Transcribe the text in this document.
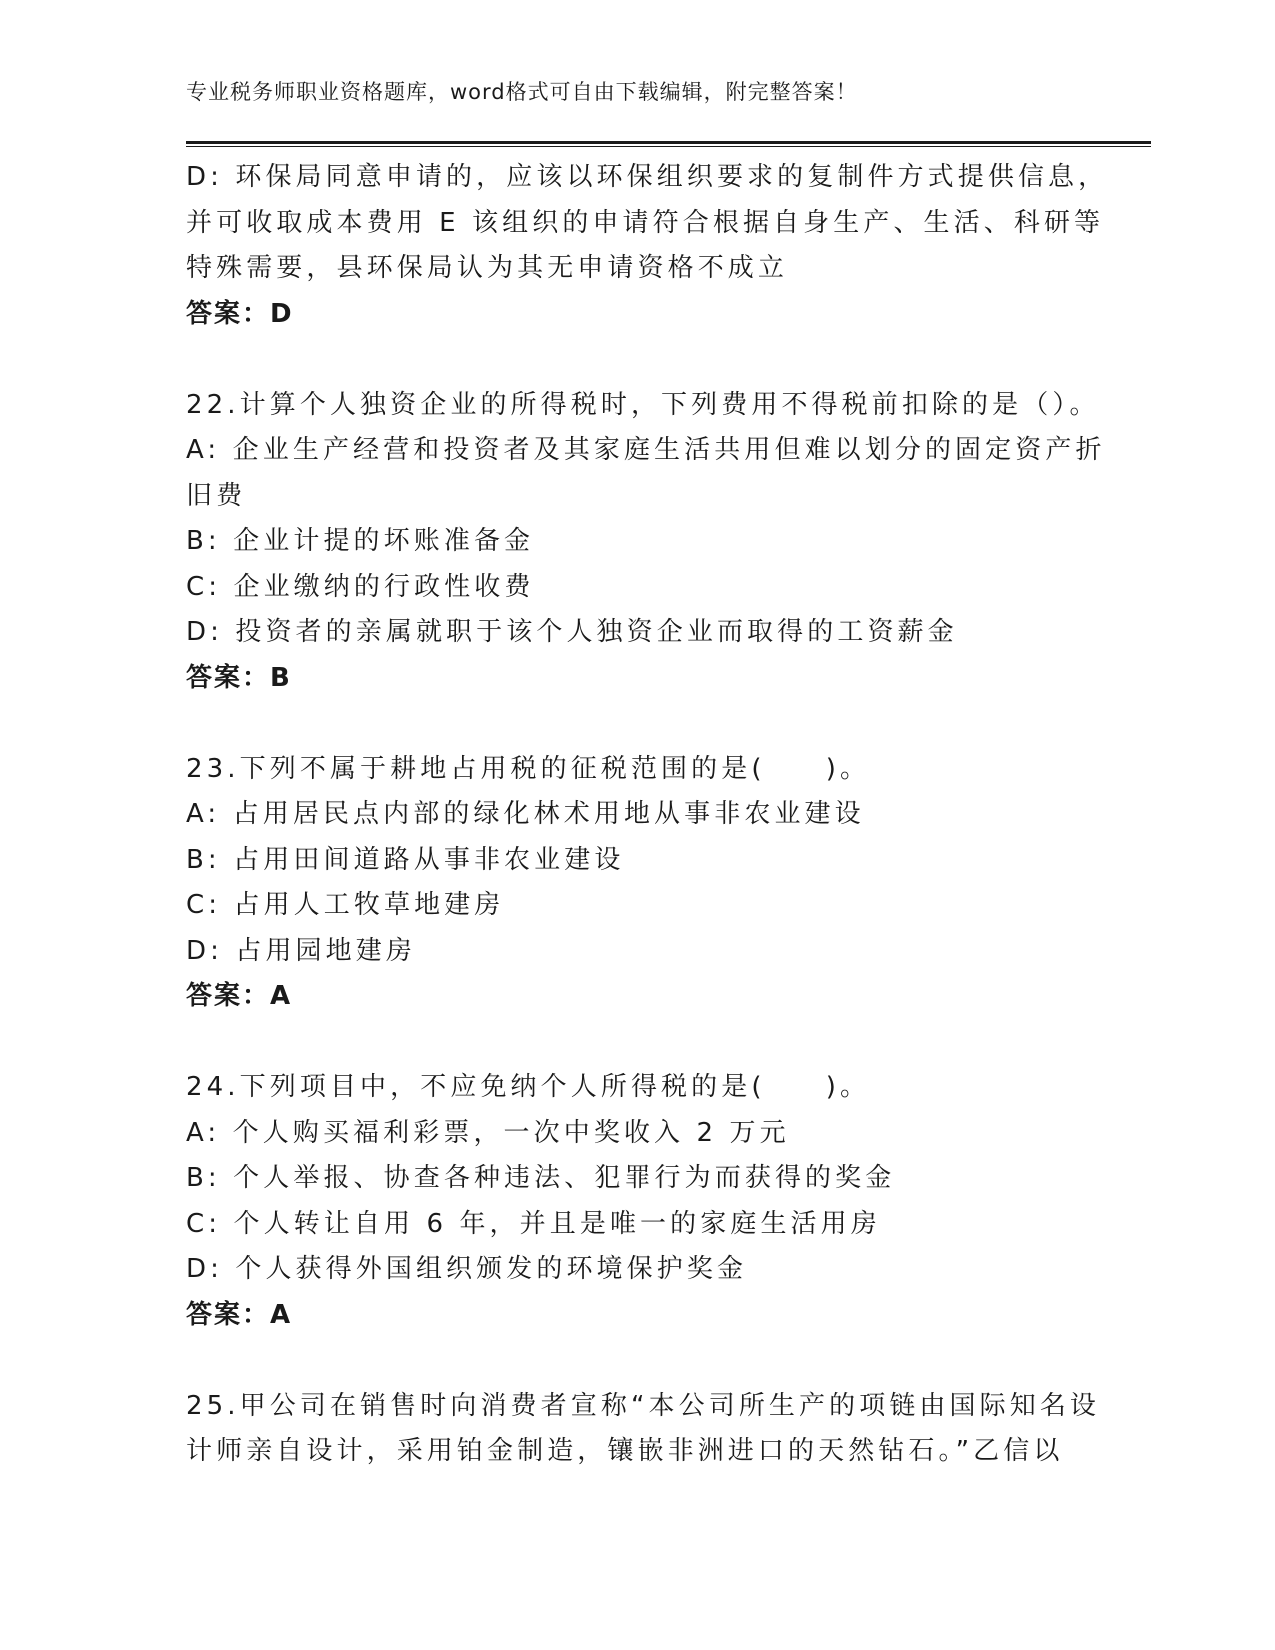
专业税务师职业资格题库，word格式可自由下载编辑，附完整答案！
D: 环保局同意申请的，应该以环保组织要求的复制件方式提供信息，
并可收取成本费用 E 该组织的申请符合根据自身生产、生活、科研等
特殊需要，县环保局认为其无申请资格不成立
答案：D
22.计算个人独资企业的所得税时，下列费用不得税前扣除的是（）。
A: 企业生产经营和投资者及其家庭生活共用但难以划分的固定资产折
旧费
B: 企业计提的坏账准备金
C: 企业缴纳的行政性收费
D: 投资者的亲属就职于该个人独资企业而取得的工资薪金
答案：B
23.下列不属于耕地占用税的征税范围的是(　　)。
A: 占用居民点内部的绿化林术用地从事非农业建设
B: 占用田间道路从事非农业建设
C: 占用人工牧草地建房
D: 占用园地建房
答案：A
24.下列项目中，不应免纳个人所得税的是(　　)。
A: 个人购买福利彩票，一次中奖收入 2 万元
B: 个人举报、协查各种违法、犯罪行为而获得的奖金
C: 个人转让自用 6 年，并且是唯一的家庭生活用房
D: 个人获得外国组织颁发的环境保护奖金
答案：A
25.甲公司在销售时向消费者宣称“本公司所生产的项链由国际知名设
计师亲自设计，采用铂金制造，镶嵌非洲进口的天然钻石。”乙信以
